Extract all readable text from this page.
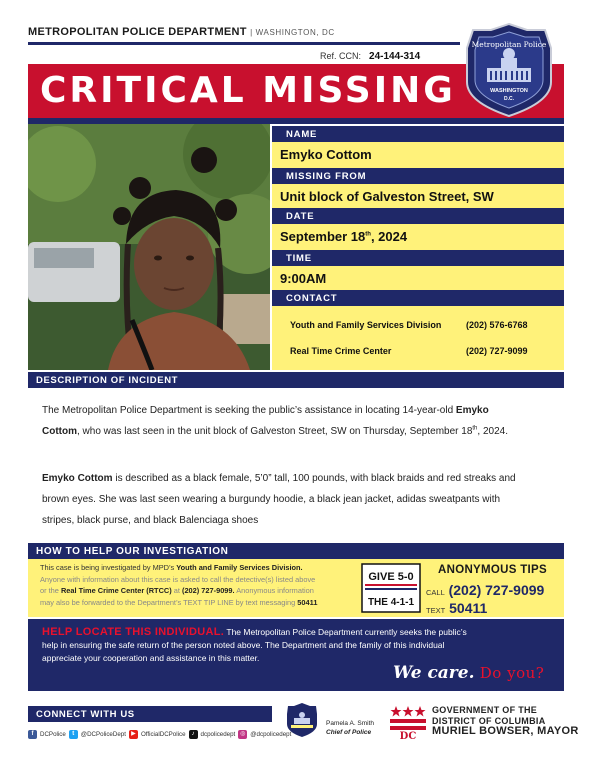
METROPOLITAN POLICE DEPARTMENT | WASHINGTON, DC
Ref. CCN: 24-144-314
CRITICAL MISSING
Metropolitan Police
WASHINGTON
D.C.
NAME
Emyko Cottom
MISSING FROM
Unit block of Galveston Street, SW
DATE
September 18th, 2024
TIME
9:00AM
CONTACT
Youth and Family Services Division	(202) 576-6768
Real Time Crime Center	(202) 727-9099
DESCRIPTION OF INCIDENT
The Metropolitan Police Department is seeking the public’s assistance in locating 14-year-old Emyko
Cottom, who was last seen in the unit block of Galveston Street, SW on Thursday, September 18th, 2024.
Emyko Cottom is described as a black female, 5’0” tall, 100 pounds, with black braids and red streaks and
brown eyes. She was last seen wearing a burgundy hoodie, a black jean jacket, adidas sweatpants with
stripes, black purse, and black Balenciaga shoes
HOW TO HELP OUR INVESTIGATION
This case is being investigated by MPD’s Youth and Family Services Division.
Anyone with information about this case is asked to call the detective(s) listed above
or the Real Time Crime Center (RTCC) at (202) 727-9099. Anonymous information
may also be forwarded to the Department’s TEXT TIP LINE by text messaging 50411
GIVE 5-0
THE 4-1-1
ANONYMOUS TIPS
CALL (202) 727-9099
TEXT 50411
HELP LOCATE THIS INDIVIDUAL. The Metropolitan Police Department currently seeks the public’s
help in ensuring the safe return of the person noted above. The Department and the family of this individual
appreciate your cooperation and assistance in this matter.
We care. Do you?
CONNECT WITH US
f	DCPolice	t	@DCPoliceDept ▶ OfficialDCPolice	♪ dcpolicedept ◎ @dcpolicedept
Pamela A. Smith
Chief of Police	DC
GOVERNMENT OF THE
DISTRICT OF COLUMBIA
MURIEL BOWSER, MAYOR
